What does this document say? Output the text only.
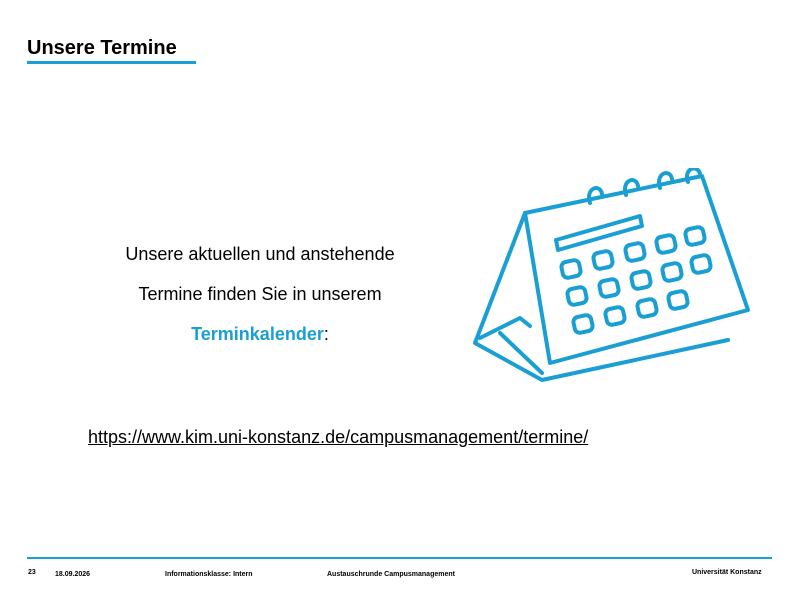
Unsere Termine
Unsere aktuellen und anstehende
Termine finden Sie in unserem
Terminkalender:
https://www.kim.uni-konstanz.de/campusmanagement/termine/
23	18.09.2026	Informationsklasse: Intern	Austauschrunde Campusmanagement	Universität Konstanz
